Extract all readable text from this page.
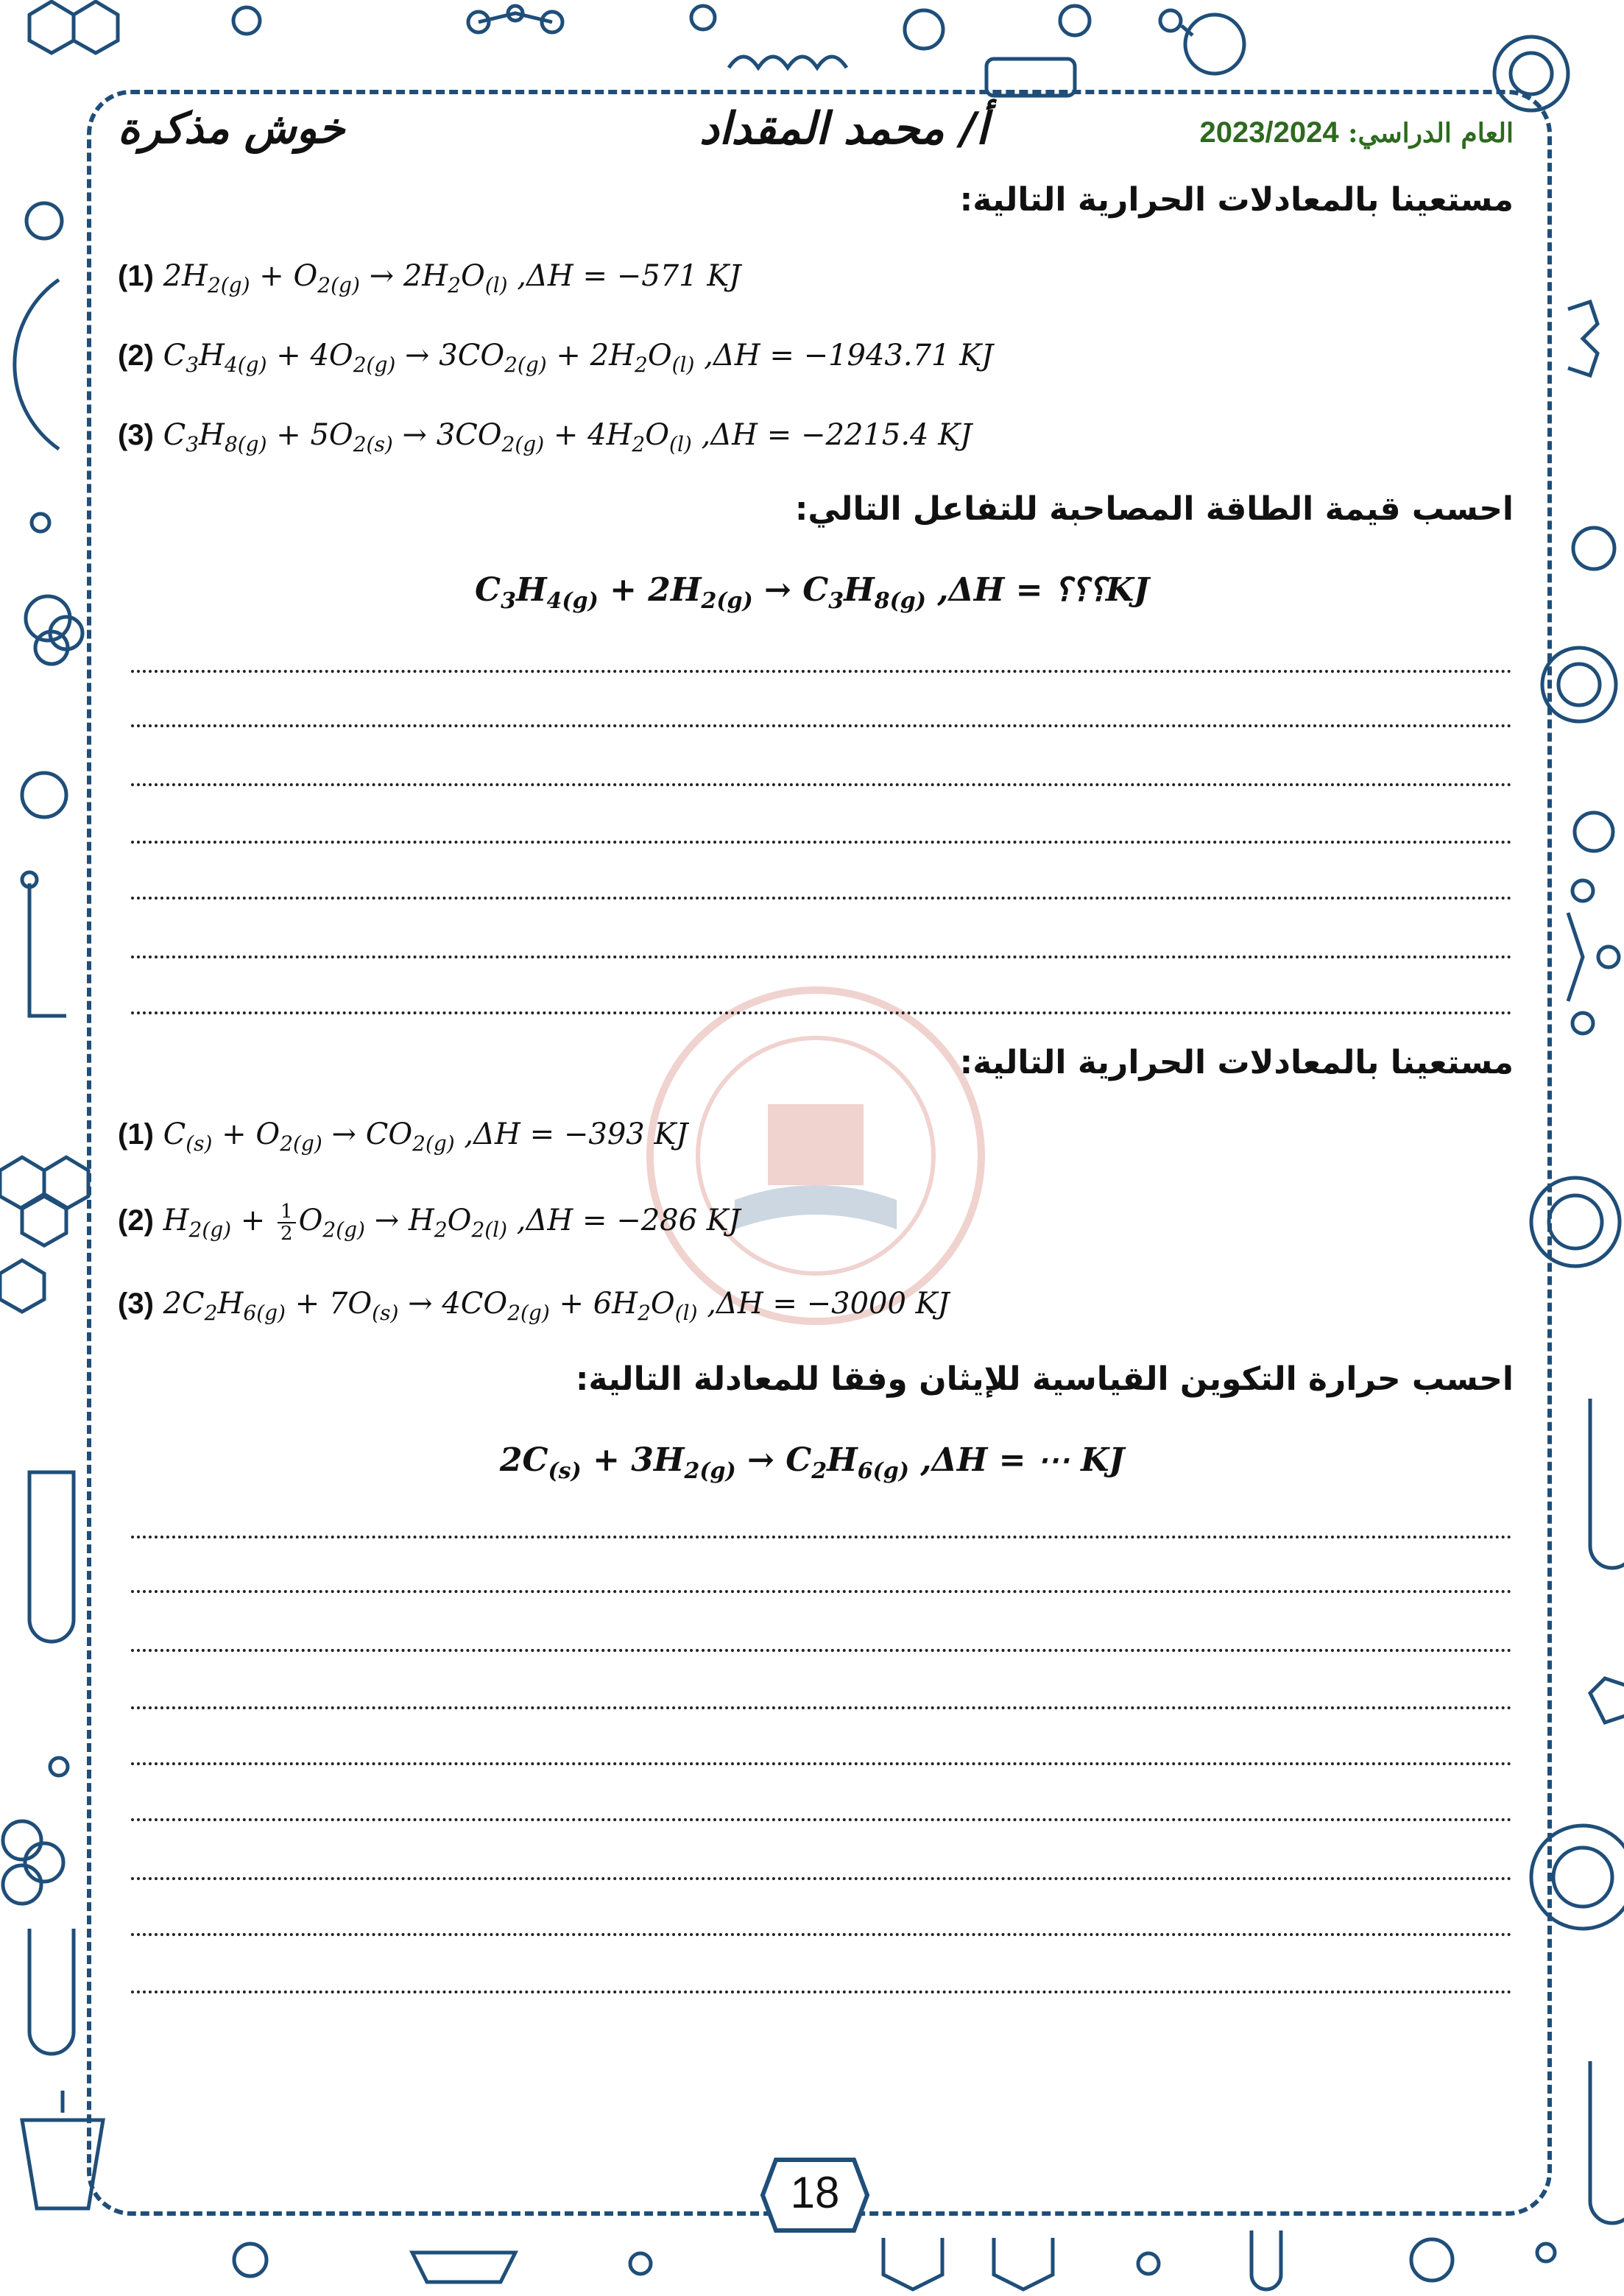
العام الدراسي: 2023/2024
أ/ محمد المقداد
خوش مذكرة
مستعينا بالمعادلات الحرارية التالية:
(1) $2H_{2(g)} + O_{2(g)} \to 2H_2O_{(l)}$ ,ΔH = −571 KJ
(2) $C_3H_{4(g)} + 4O_{2(g)} \to 3CO_{2(g)} + 2H_2O_{(l)}$ ,ΔH = −1943.71 KJ
(3) $C_3H_{8(g)} + 5O_{2(s)} \to 3CO_{2(g)} + 4H_2O_{(l)}$ ,ΔH = −2215.4 KJ
احسب قيمة الطاقة المصاحبة للتفاعل التالي:
$C_3H_{4(g)} + 2H_{2(g)} \to C_3H_{8(g)}$ ,ΔH = ؟؟؟KJ
مستعينا بالمعادلات الحرارية التالية:
(1) $C_{(s)} + O_{2(g)} \to CO_{2(g)}$ ,ΔH = −393 KJ
(2) $H_{2(g)} + \frac{1}{2} O_{2(g)} \to H_2O_{2(l)}$ ,ΔH = −286 KJ
(3) $2C_2H_{6(g)} + 7O_{(s)} \to 4CO_{2(g)} + 6H_2O_{(l)}$ ,ΔH = −3000 KJ
احسب حرارة التكوين القياسية للإيثان وفقا للمعادلة التالية:
$2C_{(s)} + 3H_{2(g)} \to C_2H_{6(g)}$ ,ΔH = ⋯ KJ
18
